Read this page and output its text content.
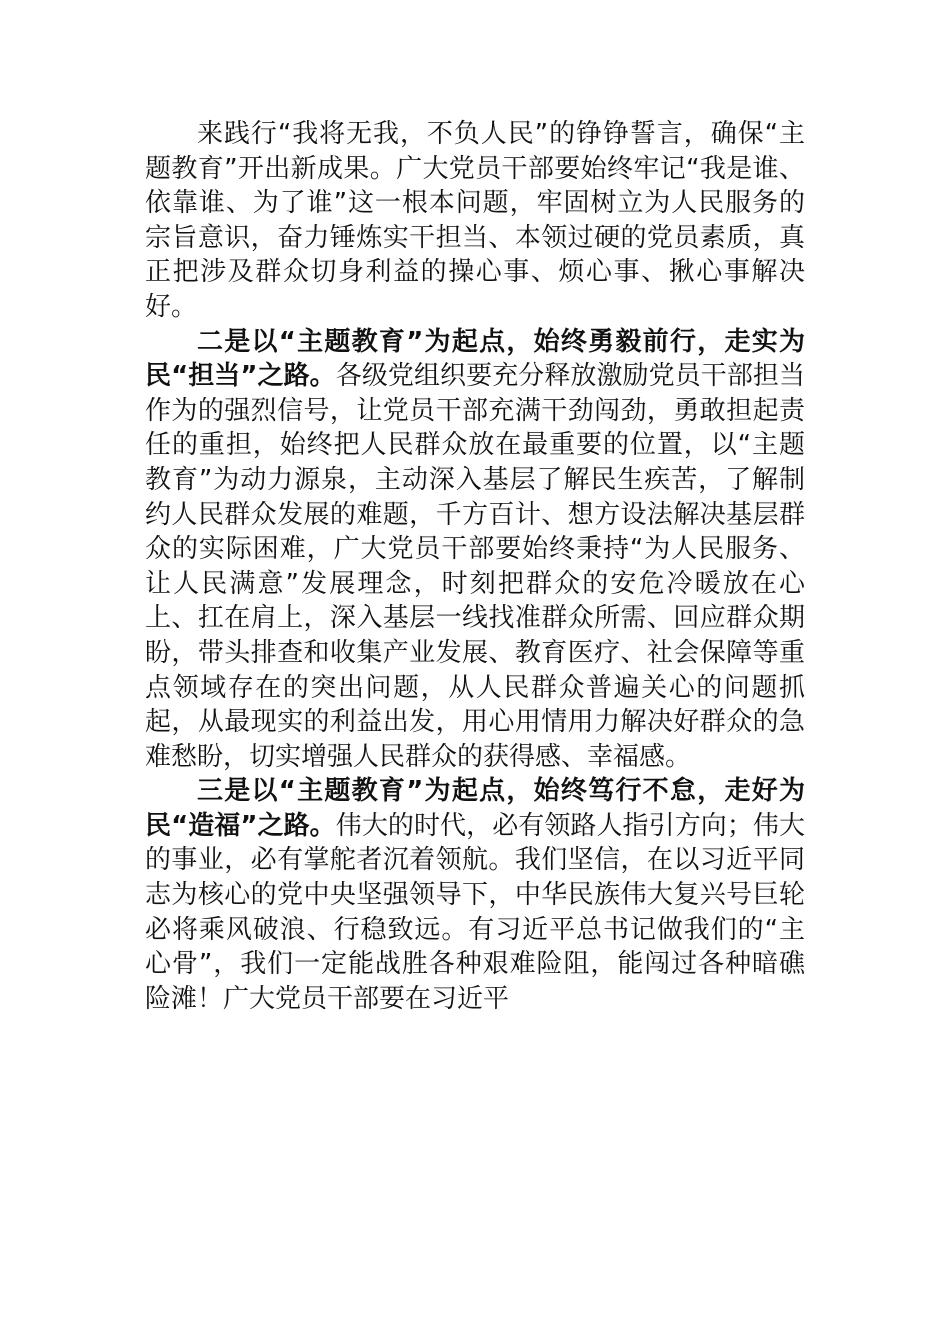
来践行“我将无我，不负人民”的铮铮誓言，确保“主题教育”开出新成果。广大党员干部要始终牢记“我是谁、依靠谁、为了谁”这一根本问题，牢固树立为人民服务的宗旨意识，奋力锤炼实干担当、本领过硬的党员素质，真正把涉及群众切身利益的操心事、烦心事、揪心事解决好。

二是以“主题教育”为起点，始终勇毅前行，走实为民“担当”之路。各级党组织要充分释放激励党员干部担当作为的强烈信号，让党员干部充满干劲闯劲，勇敢担起责任的重担，始终把人民群众放在最重要的位置，以“主题教育”为动力源泉，主动深入基层了解民生疾苦，了解制约人民群众发展的难题，千方百计、想方设法解决基层群众的实际困难，广大党员干部要始终秉持“为人民服务、让人民满意”发展理念，时刻把群众的安危冷暖放在心上、扛在肩上，深入基层一线找准群众所需、回应群众期盼，带头排查和收集产业发展、教育医疗、社会保障等重点领域存在的突出问题，从人民群众普遍关心的问题抓起，从最现实的利益出发，用心用情用力解决好群众的急难愁盼，切实增强人民群众的获得感、幸福感。

三是以“主题教育”为起点，始终笃行不怠，走好为民“造福”之路。伟大的时代，必有领路人指引方向；伟大的事业，必有掌舵者沉着领航。我们坚信，在以习近平同志为核心的党中央坚强领导下，中华民族伟大复兴号巨轮必将乘风破浪、行稳致远。有习近平总书记做我们的“主心骨”，我们一定能战胜各种艰难险阻，能闯过各种暗礁险滩！广大党员干部要在习近平
